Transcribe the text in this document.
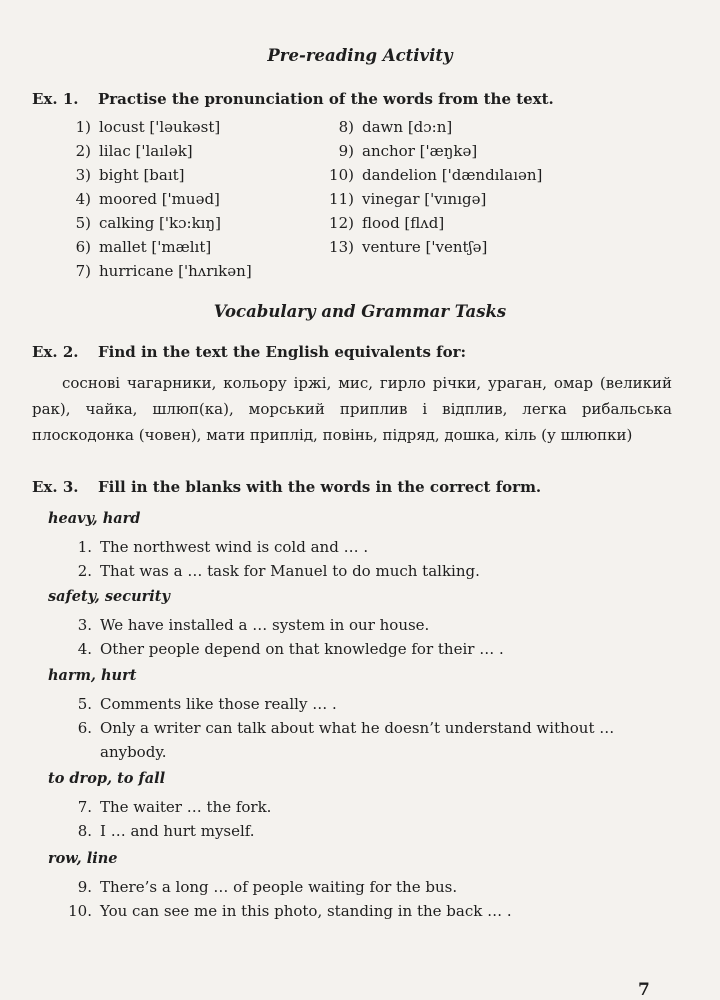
Pre-reading Activity
Ex. 1. Practise the pronunciation of the words from the text.
1) locust ['ləukəst]
2) lilac ['laılək]
3) bight [baıt]
4) moored ['muəd]
5) calking ['kɔ:kıŋ]
6) mallet ['mælıt]
7) hurricane ['hʌrıkən]
8) dawn [dɔ:n]
9) anchor ['æŋkə]
10) dandelion ['dændılaıən]
11) vinegar ['vınıgə]
12) flood [flʌd]
13) venture ['ventʃə]
Vocabulary and Grammar Tasks
Ex. 2. Find in the text the English equivalents for:
соснові чагарники, кольору іржі, мис, гирло річки, ураган, омар (великий рак), чайка, шлюп(ка), морський приплив і відплив, легка рибальська плоскодонка (човен), мати приплід, повінь, підряд, дошка, кіль (у шлюпки)
Ex. 3. Fill in the blanks with the words in the correct form.
heavy, hard
1. The northwest wind is cold and … .
2. That was a … task for Manuel to do much talking.
safety, security
3. We have installed a … system in our house.
4. Other people depend on that knowledge for their … .
harm, hurt
5. Comments like those really … .
6. Only a writer can talk about what he doesn’t understand without …
anybody.
to drop, to fall
7. The waiter … the fork.
8. I … and hurt myself.
row, line
9. There’s a long … of people waiting for the bus.
10. You can see me in this photo, standing in the back … .
7
